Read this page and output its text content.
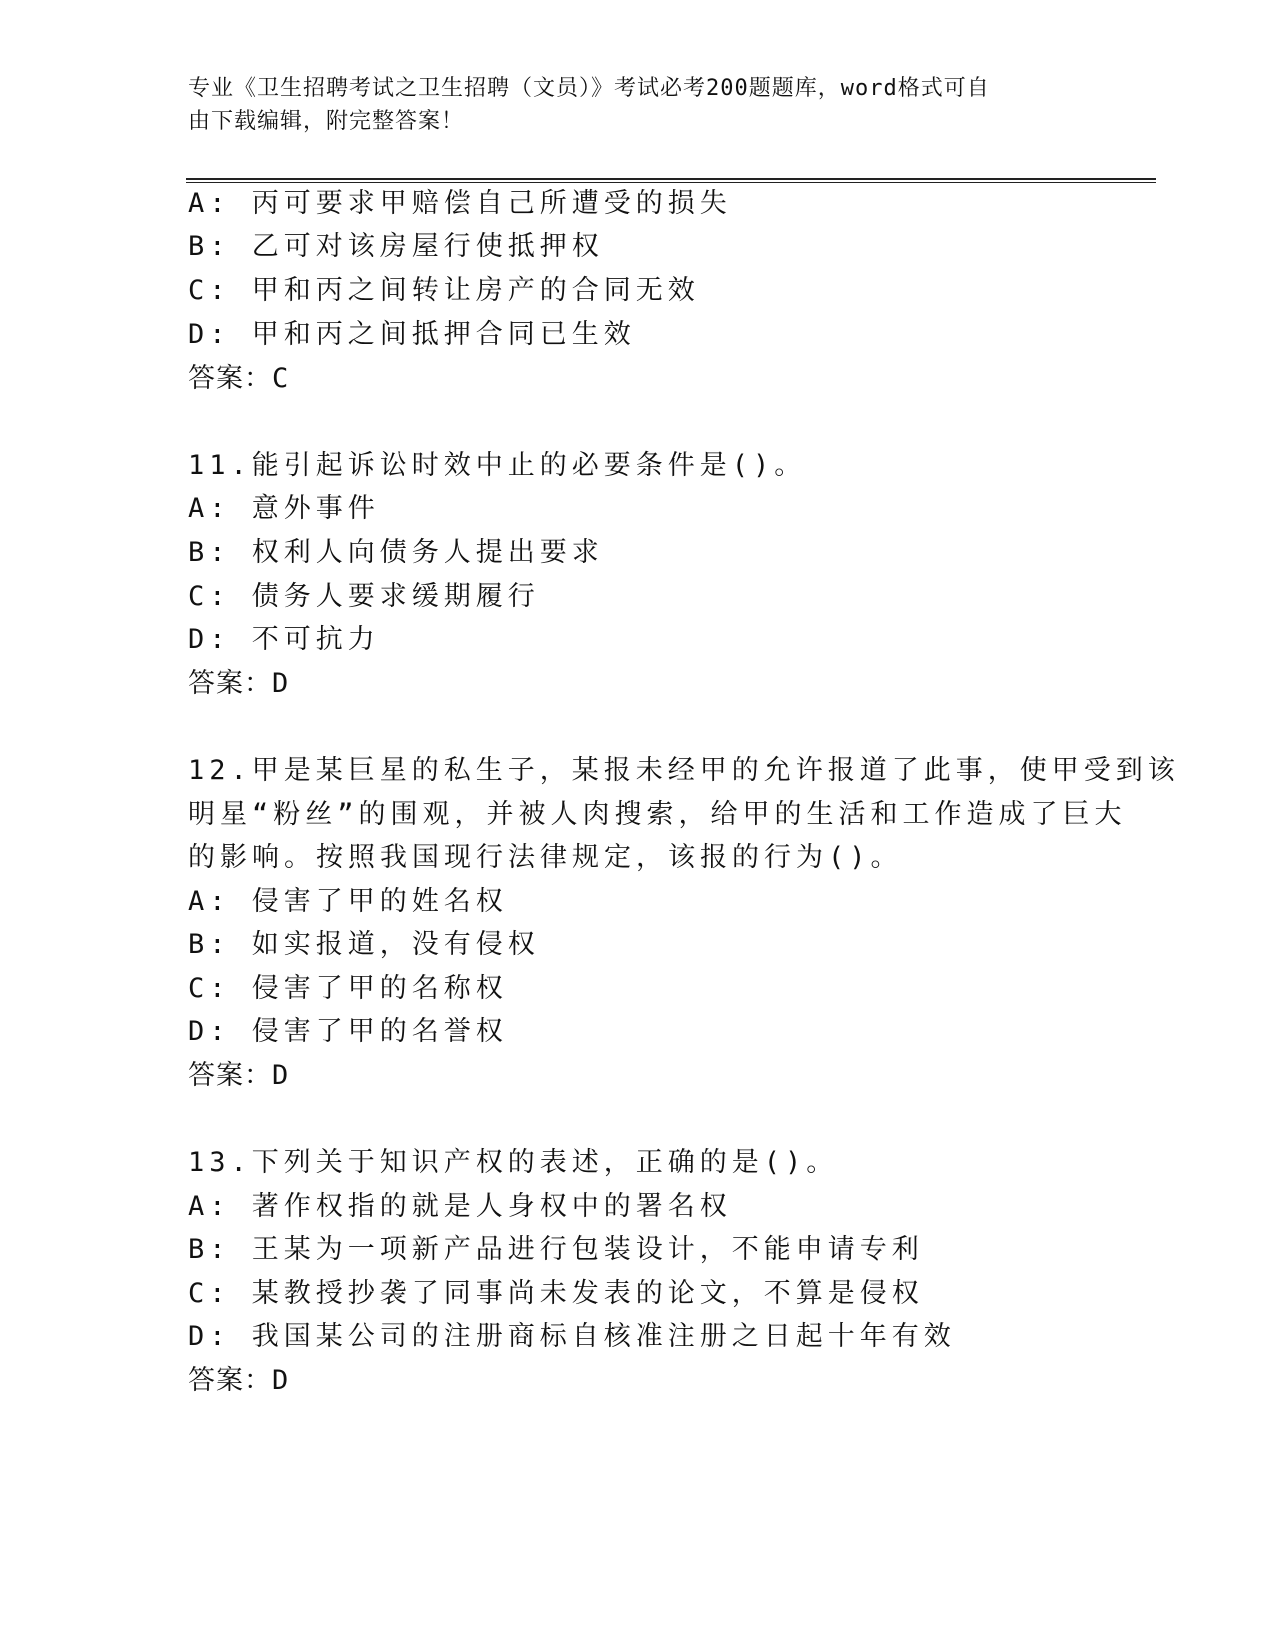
专业《卫生招聘考试之卫生招聘（文员）》考试必考200题题库，word格式可自
由下载编辑，附完整答案！
A: 丙可要求甲赔偿自己所遭受的损失
B: 乙可对该房屋行使抵押权
C: 甲和丙之间转让房产的合同无效
D: 甲和丙之间抵押合同已生效
答案：C
11.能引起诉讼时效中止的必要条件是()。
A: 意外事件
B: 权利人向债务人提出要求
C: 债务人要求缓期履行
D: 不可抗力
答案：D
12.甲是某巨星的私生子，某报未经甲的允许报道了此事，使甲受到该
明星“粉丝”的围观，并被人肉搜索，给甲的生活和工作造成了巨大
的影响。按照我国现行法律规定，该报的行为()。
A: 侵害了甲的姓名权
B: 如实报道，没有侵权
C: 侵害了甲的名称权
D: 侵害了甲的名誉权
答案：D
13.下列关于知识产权的表述，正确的是()。
A: 著作权指的就是人身权中的署名权
B: 王某为一项新产品进行包装设计，不能申请专利
C: 某教授抄袭了同事尚未发表的论文，不算是侵权
D: 我国某公司的注册商标自核准注册之日起十年有效
答案：D
